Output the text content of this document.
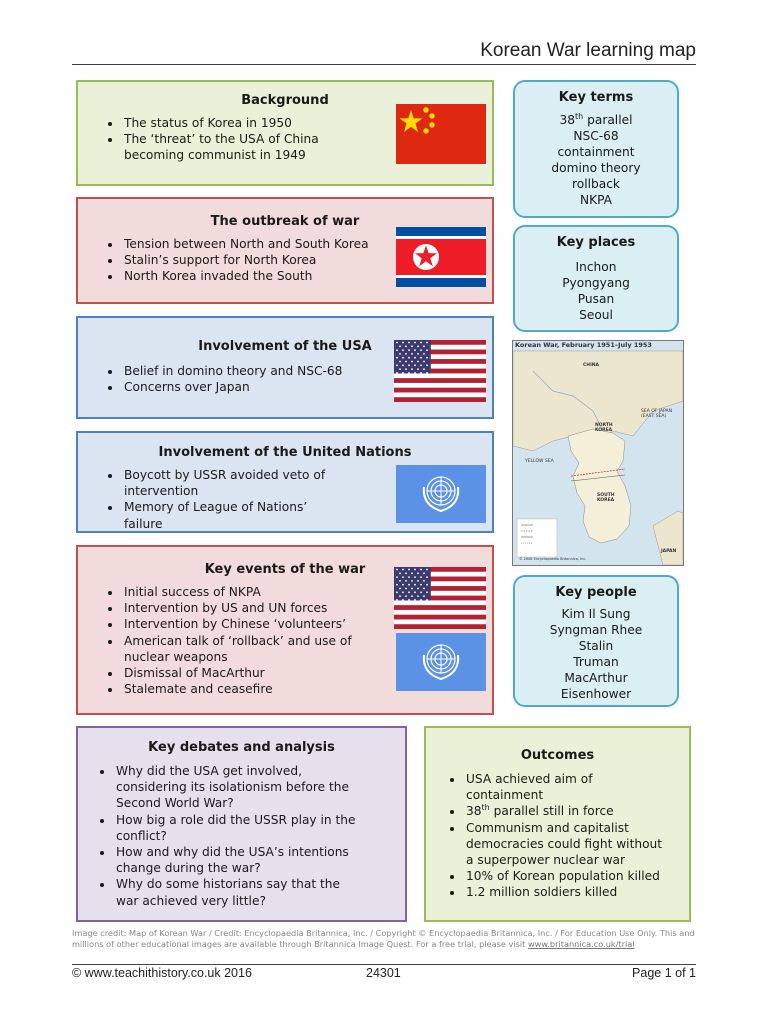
Korean War learning map
Background
• The status of Korea in 1950
• The ‘threat’ to the USA of China becoming communist in 1949
The outbreak of war
• Tension between North and South Korea
• Stalin’s support for North Korea
• North Korea invaded the South
Involvement of the USA
• Belief in domino theory and NSC-68
• Concerns over Japan
Involvement of the United Nations
• Boycott by USSR avoided veto of intervention
• Memory of League of Nations’ failure
Key events of the war
• Initial success of NKPA
• Intervention by US and UN forces
• Intervention by Chinese ‘volunteers’
• American talk of ‘rollback’ and use of nuclear weapons
• Dismissal of MacArthur
• Stalemate and ceasefire
Key debates and analysis
• Why did the USA get involved, considering its isolationism before the Second World War?
• How big a role did the USSR play in the conflict?
• How and why did the USA’s intentions change during the war?
• Why do some historians say that the war achieved very little?
Outcomes
• USA achieved aim of containment
• 38th parallel still in force
• Communism and capitalist democracies could fight without a superpower nuclear war
• 10% of Korean population killed
• 1.2 million soldiers killed
Key terms
38th parallel
NSC-68
containment
domino theory
rollback
NKPA
Key places
Inchon
Pyongyang
Pusan
Seoul
Korean War, February 1951–July 1953
CHINA
NORTH KOREA
SEA OF JAPAN (EAST SEA)
YELLOW SEA
SOUTH KOREA
JAPAN
© 2006 Encyclopaedia Britannica, Inc.
Key people
Kim Il Sung
Syngman Rhee
Stalin
Truman
MacArthur
Eisenhower
Image credit: Map of Korean War / Credit: Encyclopaedia Britannica, Inc. / Copyright © Encyclopaedia Britannica, Inc. / For Education Use Only. This and millions of other educational images are available through Britannica Image Quest. For a free trial, please visit www.britannica.co.uk/trial
© www.teachithistory.co.uk 2016	24301	Page 1 of 1
